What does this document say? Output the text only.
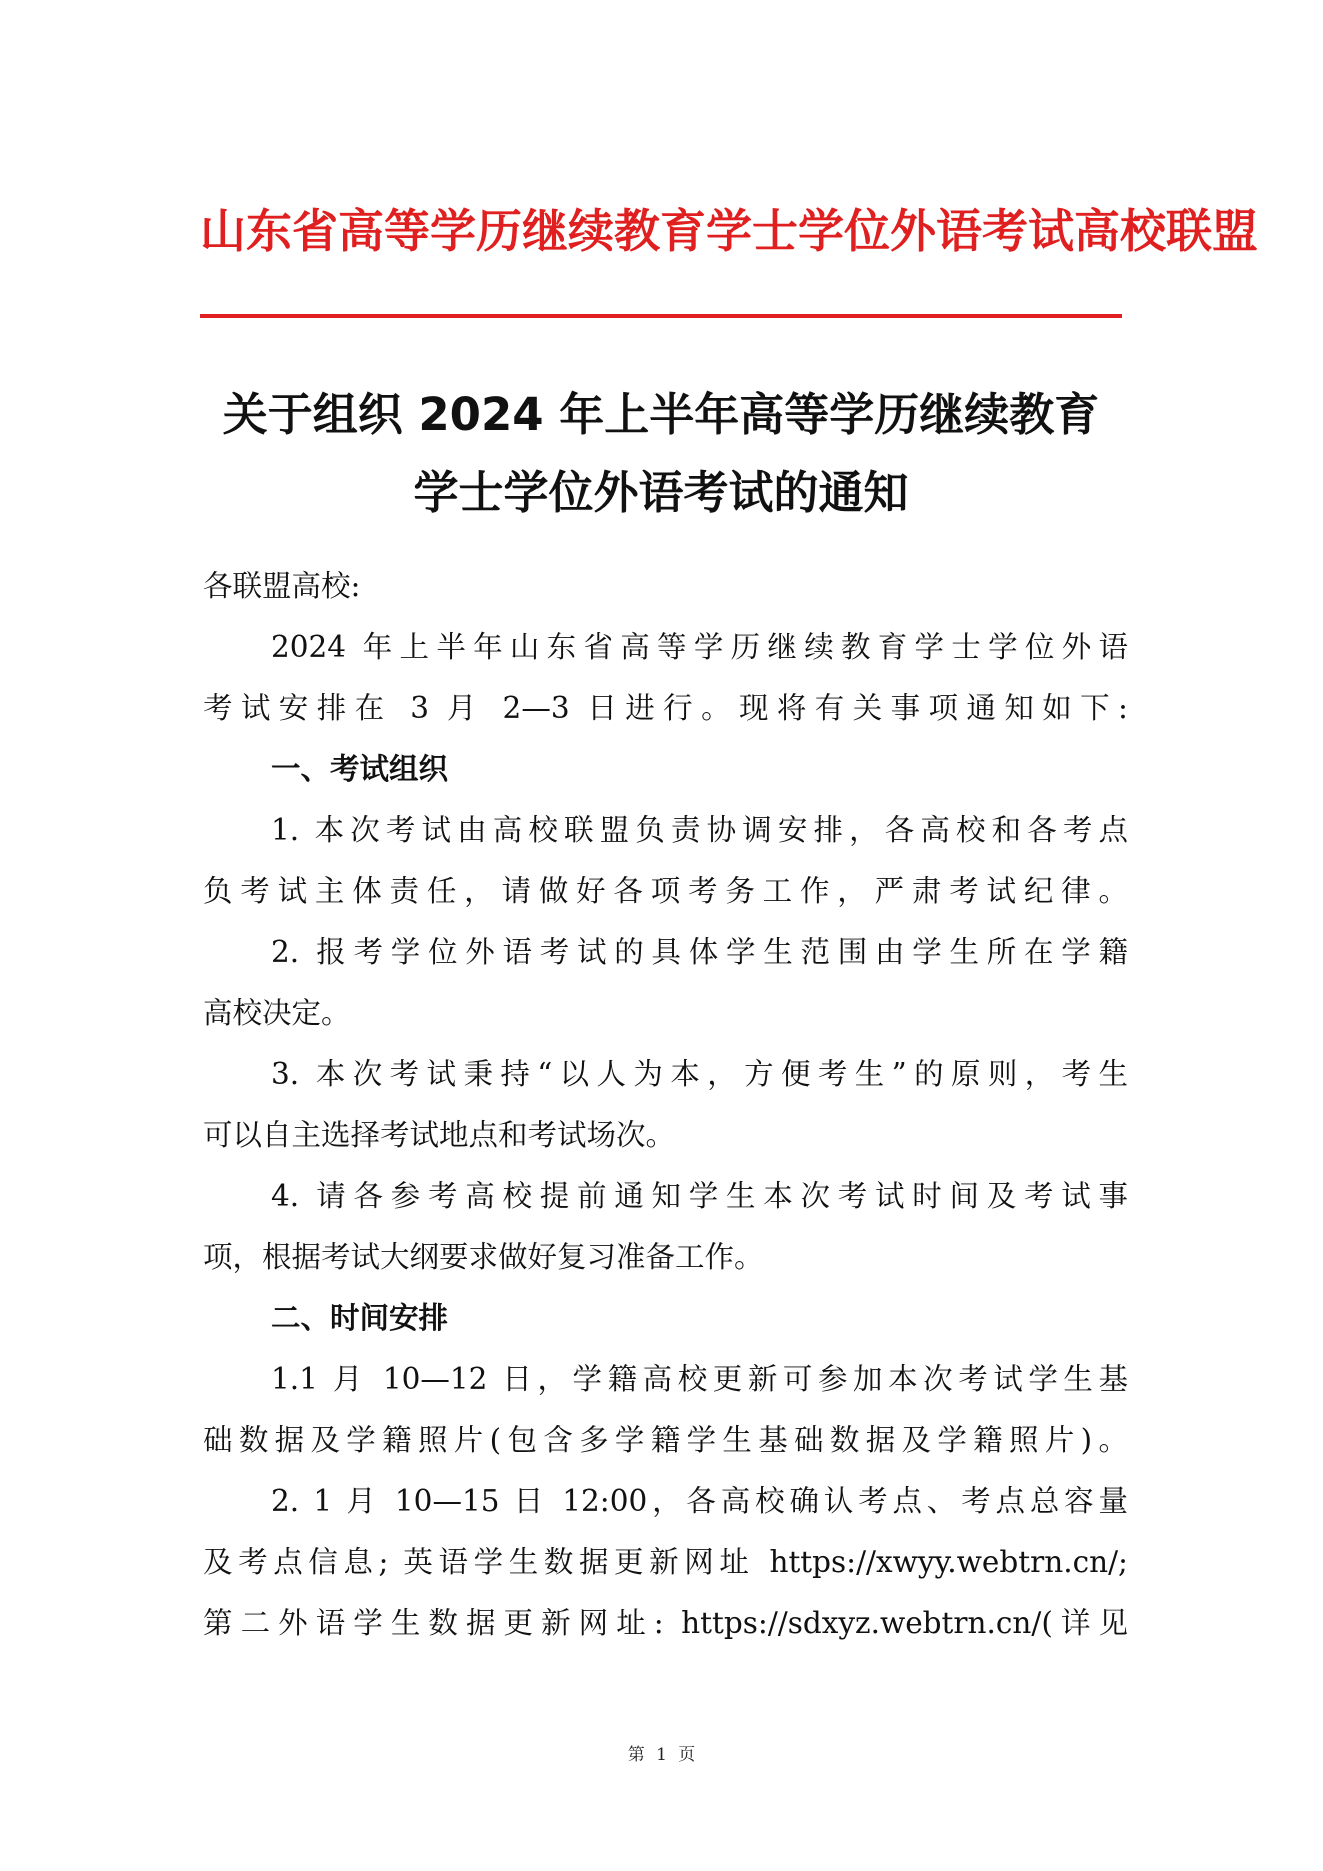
山东省高等学历继续教育学士学位外语考试高校联盟
关于组织 2024 年上半年高等学历继续教育
学士学位外语考试的通知
各联盟高校:
2024 年上半年山东省高等学历继续教育学士学位外语
考试安排在 3 月 2—3 日进行。现将有关事项通知如下:
一、考试组织
1. 本次考试由高校联盟负责协调安排，各高校和各考点
负考试主体责任，请做好各项考务工作，严肃考试纪律。
2. 报考学位外语考试的具体学生范围由学生所在学籍
高校决定。
3. 本次考试秉持“以人为本，方便考生”的原则，考生
可以自主选择考试地点和考试场次。
4. 请各参考高校提前通知学生本次考试时间及考试事
项，根据考试大纲要求做好复习准备工作。
二、时间安排
1.1 月 10—12 日，学籍高校更新可参加本次考试学生基
础数据及学籍照片(包含多学籍学生基础数据及学籍照片)。
2. 1 月 10—15 日 12:00，各高校确认考点、考点总容量
及考点信息; 英语学生数据更新网址 https://xwyy.webtrn.cn/;
第二外语学生数据更新网址: https://sdxyz.webtrn.cn/(详见
第 1 页
